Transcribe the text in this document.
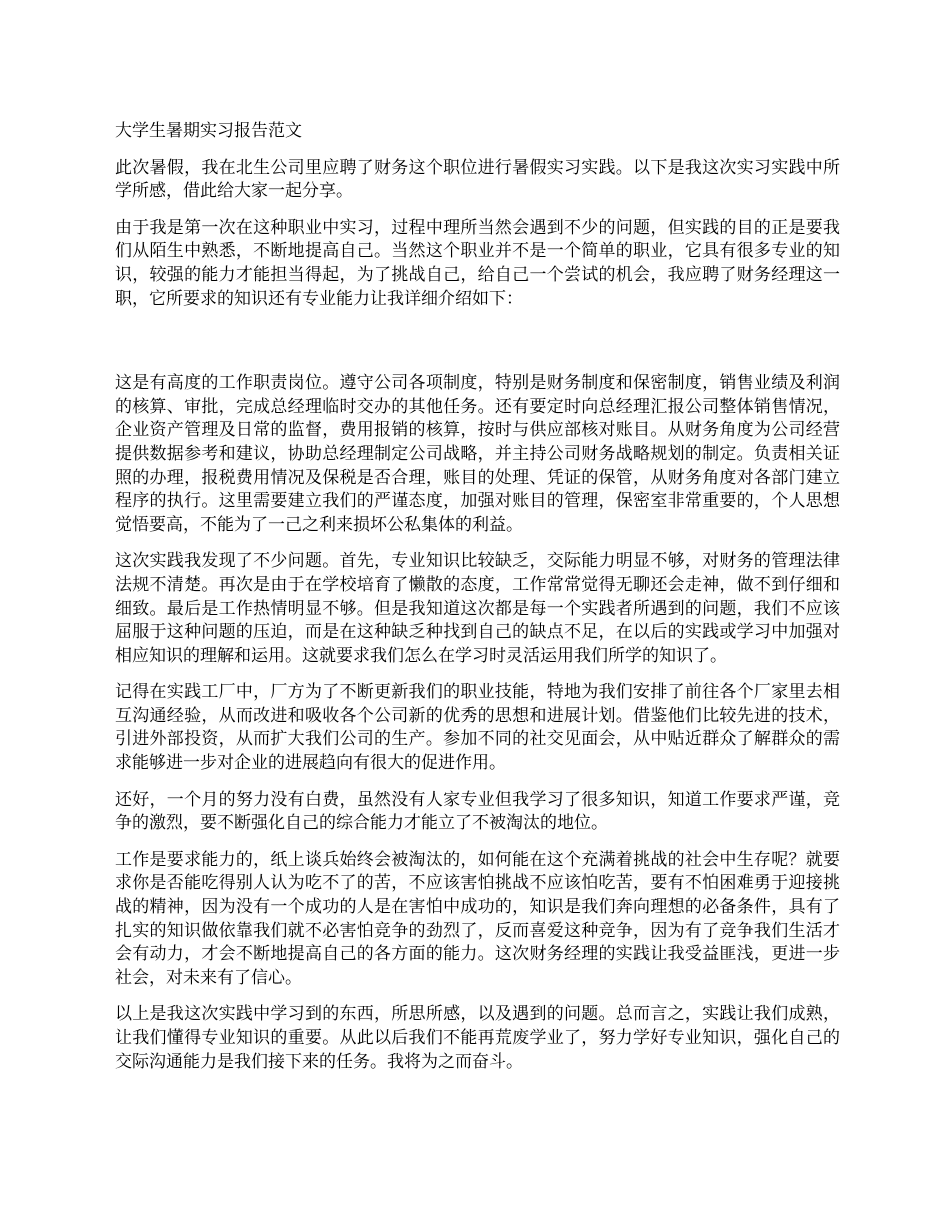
大学生暑期实习报告范文

此次暑假，我在北生公司里应聘了财务这个职位进行暑假实习实践。以下是我这次实习实践中所学所感，借此给大家一起分享。

由于我是第一次在这种职业中实习，过程中理所当然会遇到不少的问题，但实践的目的正是要我们从陌生中熟悉，不断地提高自己。当然这个职业并不是一个简单的职业，它具有很多专业的知识，较强的能力才能担当得起，为了挑战自己，给自己一个尝试的机会，我应聘了财务经理这一职，它所要求的知识还有专业能力让我详细介绍如下：

这是有高度的工作职责岗位。遵守公司各项制度，特别是财务制度和保密制度，销售业绩及利润的核算、审批，完成总经理临时交办的其他任务。还有要定时向总经理汇报公司整体销售情况，企业资产管理及日常的监督，费用报销的核算，按时与供应部核对账目。从财务角度为公司经营提供数据参考和建议，协助总经理制定公司战略，并主持公司财务战略规划的制定。负责相关证照的办理，报税费用情况及保税是否合理，账目的处理、凭证的保管，从财务角度对各部门建立程序的执行。这里需要建立我们的严谨态度，加强对账目的管理，保密室非常重要的，个人思想觉悟要高，不能为了一己之利来损坏公私集体的利益。

这次实践我发现了不少问题。首先，专业知识比较缺乏，交际能力明显不够，对财务的管理法律法规不清楚。再次是由于在学校培育了懒散的态度，工作常常觉得无聊还会走神，做不到仔细和细致。最后是工作热情明显不够。但是我知道这次都是每一个实践者所遇到的问题，我们不应该屈服于这种问题的压迫，而是在这种缺乏种找到自己的缺点不足，在以后的实践或学习中加强对相应知识的理解和运用。这就要求我们怎么在学习时灵活运用我们所学的知识了。

记得在实践工厂中，厂方为了不断更新我们的职业技能，特地为我们安排了前往各个厂家里去相互沟通经验，从而改进和吸收各个公司新的优秀的思想和进展计划。借鉴他们比较先进的技术，引进外部投资，从而扩大我们公司的生产。参加不同的社交见面会，从中贴近群众了解群众的需求能够进一步对企业的进展趋向有很大的促进作用。

还好，一个月的努力没有白费，虽然没有人家专业但我学习了很多知识，知道工作要求严谨，竞争的激烈，要不断强化自己的综合能力才能立了不被淘汰的地位。

工作是要求能力的，纸上谈兵始终会被淘汰的，如何能在这个充满着挑战的社会中生存呢？就要求你是否能吃得别人认为吃不了的苦，不应该害怕挑战不应该怕吃苦，要有不怕困难勇于迎接挑战的精神，因为没有一个成功的人是在害怕中成功的，知识是我们奔向理想的必备条件，具有了扎实的知识做依靠我们就不必害怕竞争的劲烈了，反而喜爱这种竞争，因为有了竞争我们生活才会有动力，才会不断地提高自己的各方面的能力。这次财务经理的实践让我受益匪浅，更进一步社会，对未来有了信心。

以上是我这次实践中学习到的东西，所思所感，以及遇到的问题。总而言之，实践让我们成熟，让我们懂得专业知识的重要。从此以后我们不能再荒废学业了，努力学好专业知识，强化自己的交际沟通能力是我们接下来的任务。我将为之而奋斗。
